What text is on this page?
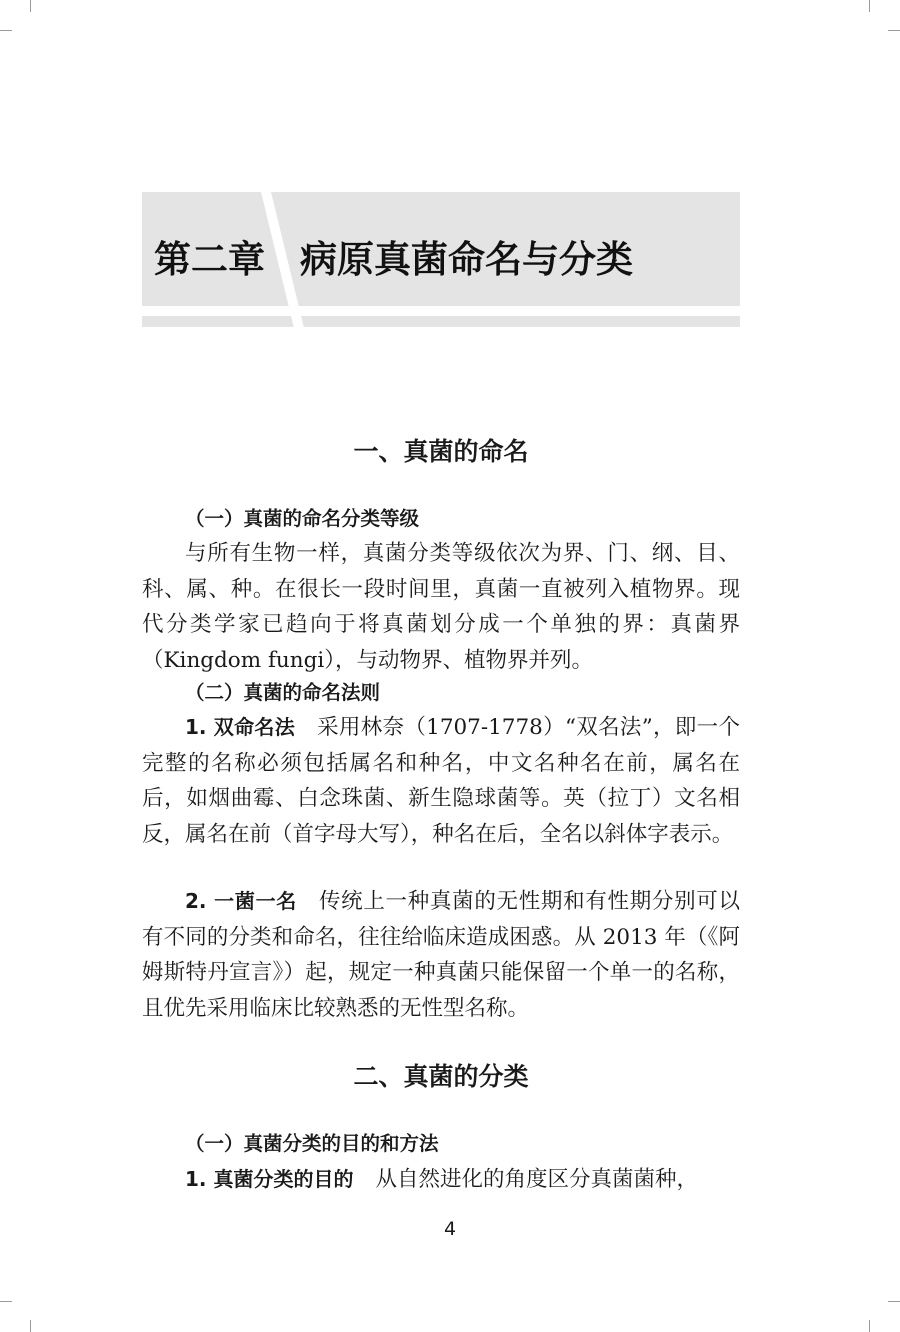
第二章 病原真菌命名与分类
一、真菌的命名
（一）真菌的命名分类等级

与所有生物一样，真菌分类等级依次为界、门、纲、目、科、属、种。在很长一段时间里，真菌一直被列入植物界。现代分类学家已趋向于将真菌划分成一个单独的界：真菌界（Kingdom fungi），与动物界、植物界并列。

（二）真菌的命名法则

1. 双命名法 采用林奈（1707-1778）“双名法”，即一个完整的名称必须包括属名和种名，中文名种名在前，属名在后，如烟曲霉、白念珠菌、新生隐球菌等。英（拉丁）文名相反，属名在前（首字母大写），种名在后，全名以斜体字表示。

2. 一菌一名 传统上一种真菌的无性期和有性期分别可以有不同的分类和命名，往往给临床造成困惑。从 2013 年（《阿姆斯特丹宣言》）起，规定一种真菌只能保留一个单一的名称，且优先采用临床比较熟悉的无性型名称。

二、真菌的分类
（一）真菌分类的目的和方法

1. 真菌分类的目的 从自然进化的角度区分真菌菌种，

4
